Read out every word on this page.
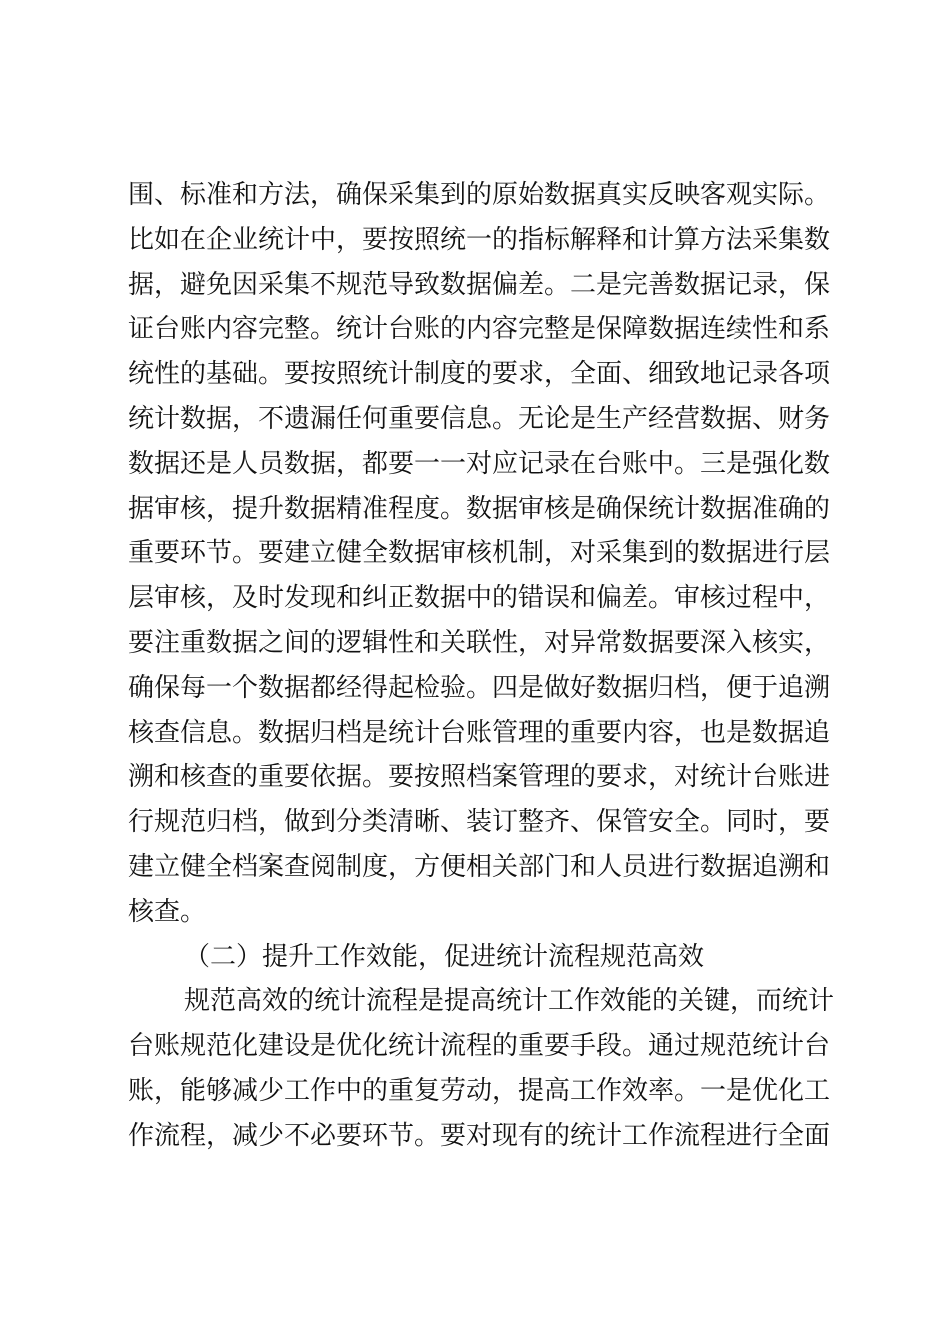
围、标准和方法，确保采集到的原始数据真实反映客观实际。
比如在企业统计中，要按照统一的指标解释和计算方法采集数
据，避免因采集不规范导致数据偏差。二是完善数据记录，保
证台账内容完整。统计台账的内容完整是保障数据连续性和系
统性的基础。要按照统计制度的要求，全面、细致地记录各项
统计数据，不遗漏任何重要信息。无论是生产经营数据、财务
数据还是人员数据，都要一一对应记录在台账中。三是强化数
据审核，提升数据精准程度。数据审核是确保统计数据准确的
重要环节。要建立健全数据审核机制，对采集到的数据进行层
层审核，及时发现和纠正数据中的错误和偏差。审核过程中，
要注重数据之间的逻辑性和关联性，对异常数据要深入核实，
确保每一个数据都经得起检验。四是做好数据归档，便于追溯
核查信息。数据归档是统计台账管理的重要内容，也是数据追
溯和核查的重要依据。要按照档案管理的要求，对统计台账进
行规范归档，做到分类清晰、装订整齐、保管安全。同时，要
建立健全档案查阅制度，方便相关部门和人员进行数据追溯和
核查。
（二）提升工作效能，促进统计流程规范高效
规范高效的统计流程是提高统计工作效能的关键，而统计
台账规范化建设是优化统计流程的重要手段。通过规范统计台
账，能够减少工作中的重复劳动，提高工作效率。一是优化工
作流程，减少不必要环节。要对现有的统计工作流程进行全面
